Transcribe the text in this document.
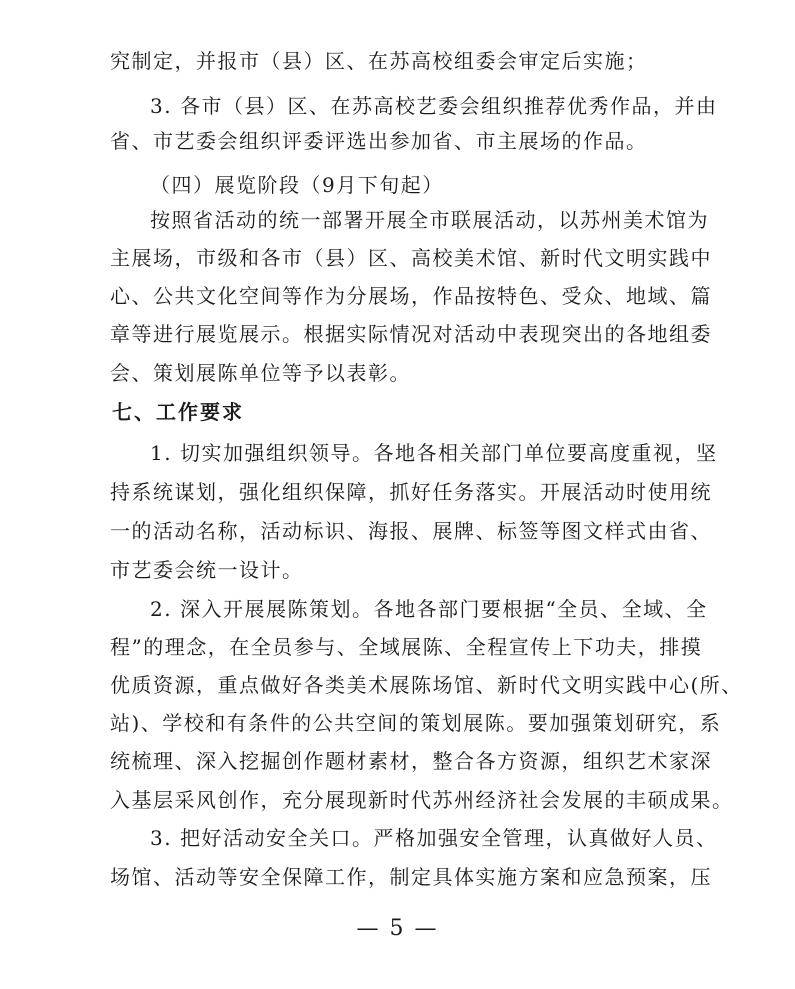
究制定，并报市（县）区、在苏高校组委会审定后实施；
3. 各市（县）区、在苏高校艺委会组织推荐优秀作品，并由
省、市艺委会组织评委评选出参加省、市主展场的作品。
（四）展览阶段（9月下旬起）
按照省活动的统一部署开展全市联展活动，以苏州美术馆为
主展场，市级和各市（县）区、高校美术馆、新时代文明实践中
心、公共文化空间等作为分展场，作品按特色、受众、地域、篇
章等进行展览展示。根据实际情况对活动中表现突出的各地组委
会、策划展陈单位等予以表彰。
七、工作要求
1. 切实加强组织领导。各地各相关部门单位要高度重视，坚
持系统谋划，强化组织保障，抓好任务落实。开展活动时使用统
一的活动名称，活动标识、海报、展牌、标签等图文样式由省、
市艺委会统一设计。
2. 深入开展展陈策划。各地各部门要根据“全员、全域、全
程”的理念，在全员参与、全域展陈、全程宣传上下功夫，排摸
优质资源，重点做好各类美术展陈场馆、新时代文明实践中心(所、
站)、学校和有条件的公共空间的策划展陈。要加强策划研究，系
统梳理、深入挖掘创作题材素材，整合各方资源，组织艺术家深
入基层采风创作，充分展现新时代苏州经济社会发展的丰硕成果。
3. 把好活动安全关口。严格加强安全管理，认真做好人员、
场馆、活动等安全保障工作，制定具体实施方案和应急预案，压
— 5 —
